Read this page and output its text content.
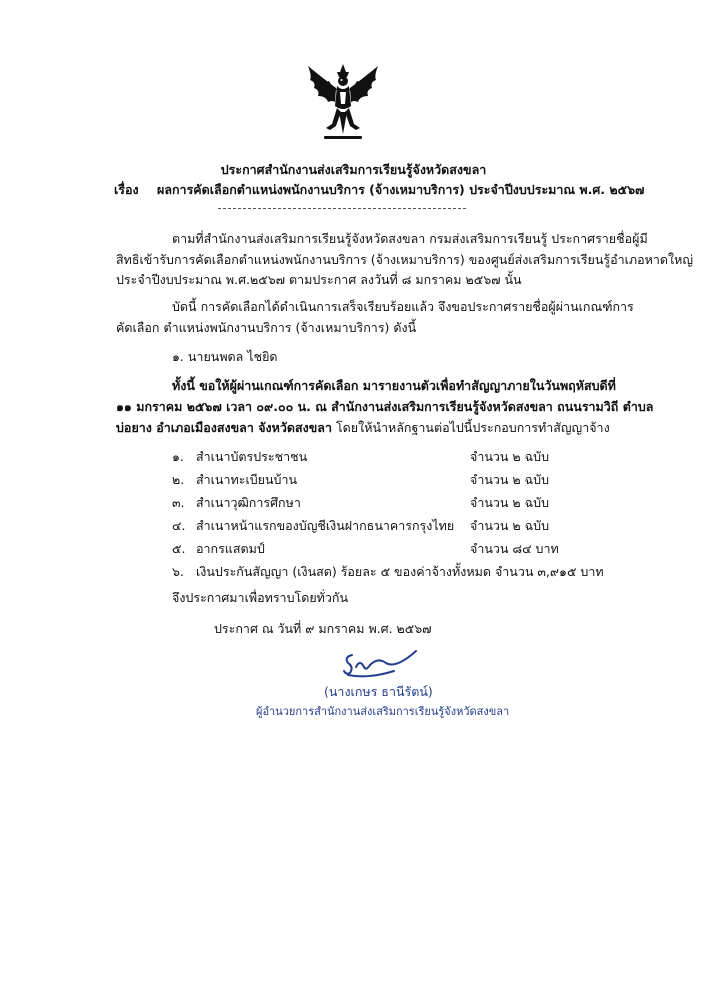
ประกาศสำนักงานส่งเสริมการเรียนรู้จังหวัดสงขลา
เรื่อง ผลการคัดเลือกตำแหน่งพนักงานบริการ (จ้างเหมาบริการ) ประจำปีงบประมาณ พ.ศ. ๒๕๖๗
ตามที่สำนักงานส่งเสริมการเรียนรู้จังหวัดสงขลา กรมส่งเสริมการเรียนรู้ ประกาศรายชื่อผู้มี
สิทธิเข้ารับการคัดเลือกตำแหน่งพนักงานบริการ (จ้างเหมาบริการ) ของศูนย์ส่งเสริมการเรียนรู้อำเภอหาดใหญ่
ประจำปีงบประมาณ พ.ศ.๒๕๖๗ ตามประกาศ ลงวันที่ ๘ มกราคม ๒๕๖๗ นั้น
บัดนี้ การคัดเลือกได้ดำเนินการเสร็จเรียบร้อยแล้ว จึงขอประกาศรายชื่อผู้ผ่านเกณฑ์การ
คัดเลือก ตำแหน่งพนักงานบริการ (จ้างเหมาบริการ) ดังนี้
๑. นายนพดล ไชยิด
ทั้งนี้ ขอให้ผู้ผ่านเกณฑ์การคัดเลือก มารายงานตัวเพื่อทำสัญญาภายในวันพฤหัสบดีที่
๑๑ มกราคม ๒๕๖๗ เวลา ๐๙.๐๐ น. ณ สำนักงานส่งเสริมการเรียนรู้จังหวัดสงขลา ถนนรามวิถี ตำบล
บ่อยาง อำเภอเมืองสงขลา จังหวัดสงขลา โดยให้นำหลักฐานต่อไปนี้ประกอบการทำสัญญาจ้าง
๑. สำเนาบัตรประชาชน	จำนวน ๒ ฉบับ
๒. สำเนาทะเบียนบ้าน	จำนวน ๒ ฉบับ
๓. สำเนาวุฒิการศึกษา	จำนวน ๒ ฉบับ
๔. สำเนาหน้าแรกของบัญชีเงินฝากธนาคารกรุงไทย จำนวน ๒ ฉบับ
๕. อากรแสตมป์	จำนวน ๘๔ บาท
๖. เงินประกันสัญญา (เงินสด) ร้อยละ ๕ ของค่าจ้างทั้งหมด จำนวน ๓,๙๑๕ บาท
จึงประกาศมาเพื่อทราบโดยทั่วกัน
ประกาศ ณ วันที่ ๙ มกราคม พ.ศ. ๒๕๖๗
(นางเกษร ธานีรัตน์)
ผู้อำนวยการสำนักงานส่งเสริมการเรียนรู้จังหวัดสงขลา
